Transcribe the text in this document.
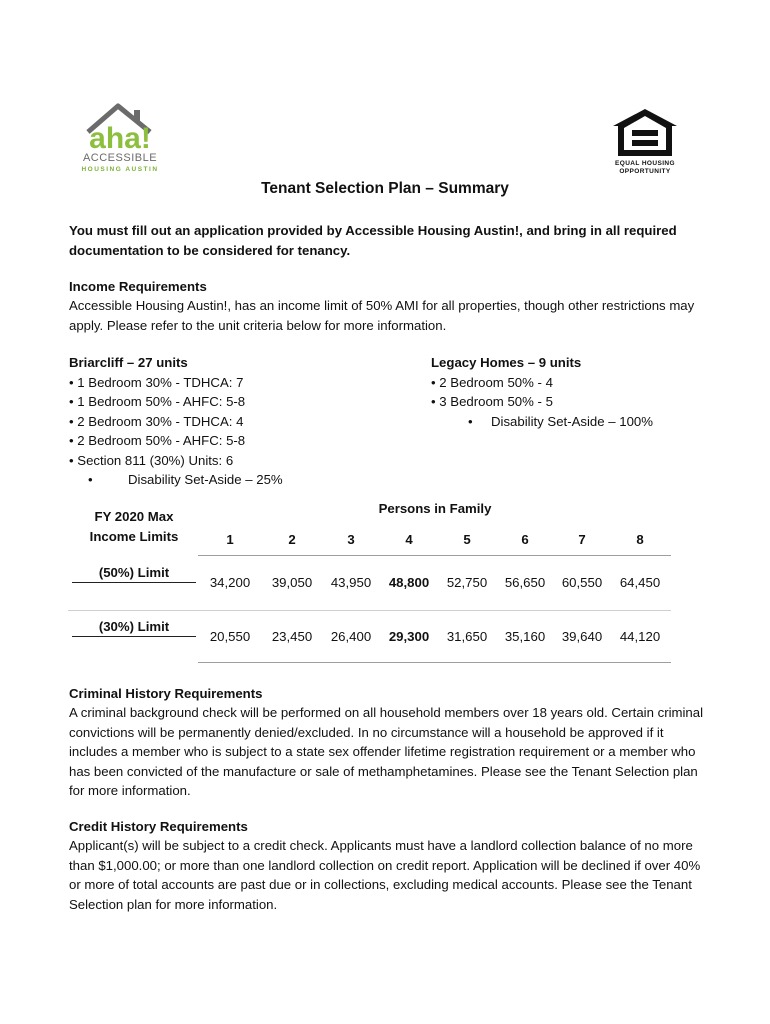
aha!
ACCESSIBLE
HOUSING AUSTIN
EQUAL HOUSING
OPPORTUNITY
Tenant Selection Plan – Summary
You must fill out an application provided by Accessible Housing Austin!, and bring in all required documentation to be considered for tenancy.
Income Requirements
Accessible Housing Austin!, has an income limit of 50% AMI for all properties, though other restrictions may apply. Please refer to the unit criteria below for more information.
Briarcliff – 27 units
• 1 Bedroom 30% - TDHCA: 7
• 1 Bedroom 50% - AHFC: 5-8
• 2 Bedroom 30% - TDHCA: 4
• 2 Bedroom 50% - AHFC: 5-8
• Section 811 (30%) Units: 6
•	Disability Set-Aside – 25%
Legacy Homes – 9 units
• 2 Bedroom 50% - 4
• 3 Bedroom 50% - 5
• Disability Set-Aside – 100%
FY 2020 Max
Income Limits
Persons in Family
1	2	3	4	5	6	7	8
(50%) Limit
34,200	39,050	43,950	48,800	52,750	56,650	60,550	64,450
(30%) Limit
20,550	23,450	26,400	29,300	31,650	35,160	39,640	44,120
Criminal History Requirements
A criminal background check will be performed on all household members over 18 years old. Certain criminal convictions will be permanently denied/excluded. In no circumstance will a household be approved if it includes a member who is subject to a state sex offender lifetime registration requirement or a member who has been convicted of the manufacture or sale of methamphetamines. Please see the Tenant Selection plan for more information.
Credit History Requirements
Applicant(s) will be subject to a credit check. Applicants must have a landlord collection balance of no more than $1,000.00; or more than one landlord collection on credit report. Application will be declined if over 40% or more of total accounts are past due or in collections, excluding medical accounts. Please see the Tenant Selection plan for more information.
